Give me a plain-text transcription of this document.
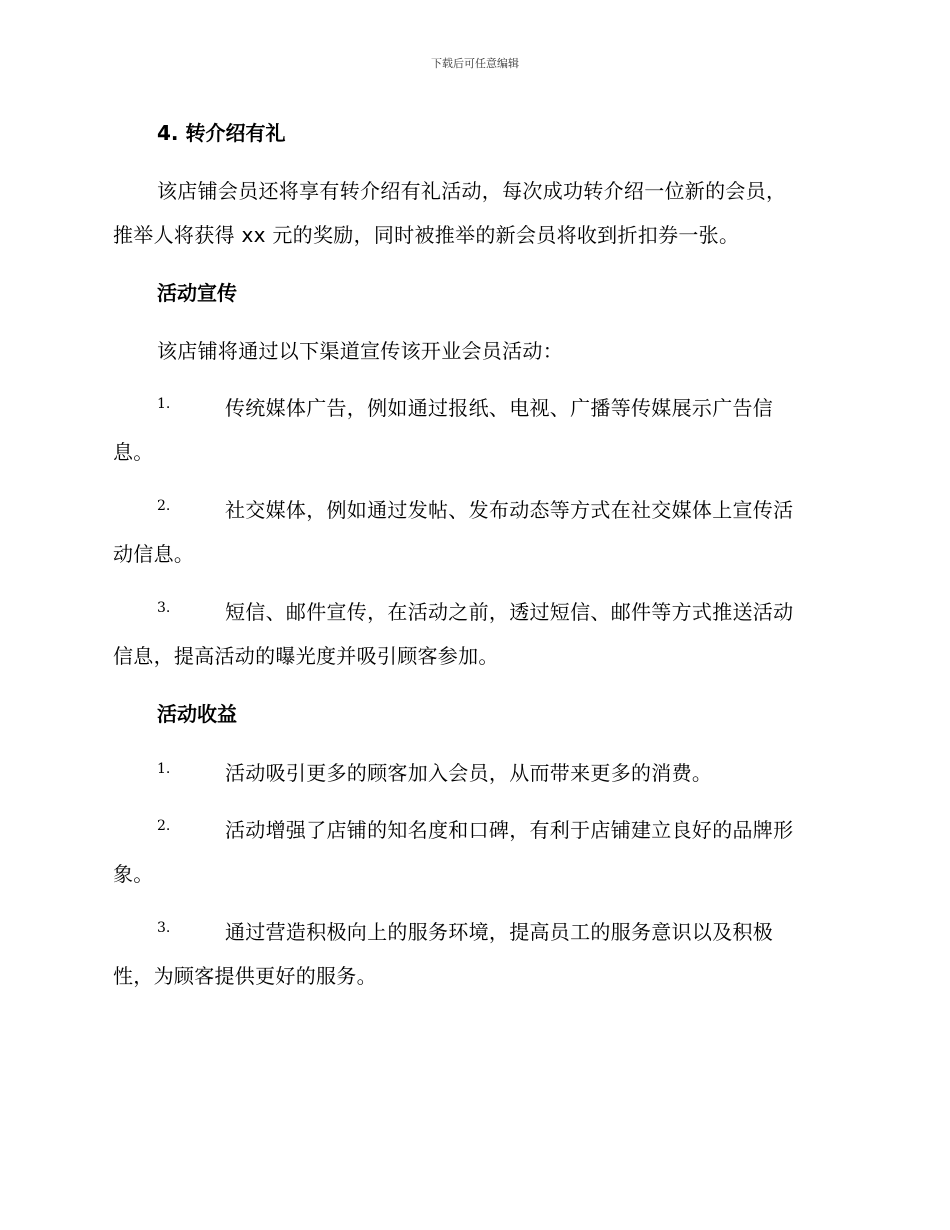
下载后可任意编辑
4. 转介绍有礼
该店铺会员还将享有转介绍有礼活动，每次成功转介绍一位新的会员，
推举人将获得 xx 元的奖励，同时被推举的新会员将收到折扣券一张。
活动宣传
该店铺将通过以下渠道宣传该开业会员活动：
1.	传统媒体广告，例如通过报纸、电视、广播等传媒展示广告信
息。
2.	社交媒体，例如通过发帖、发布动态等方式在社交媒体上宣传活
动信息。
3.	短信、邮件宣传，在活动之前，透过短信、邮件等方式推送活动
信息，提高活动的曝光度并吸引顾客参加。
活动收益
1.	活动吸引更多的顾客加入会员，从而带来更多的消费。
2.	活动增强了店铺的知名度和口碑，有利于店铺建立良好的品牌形
象。
3.	通过营造积极向上的服务环境，提高员工的服务意识以及积极
性，为顾客提供更好的服务。
